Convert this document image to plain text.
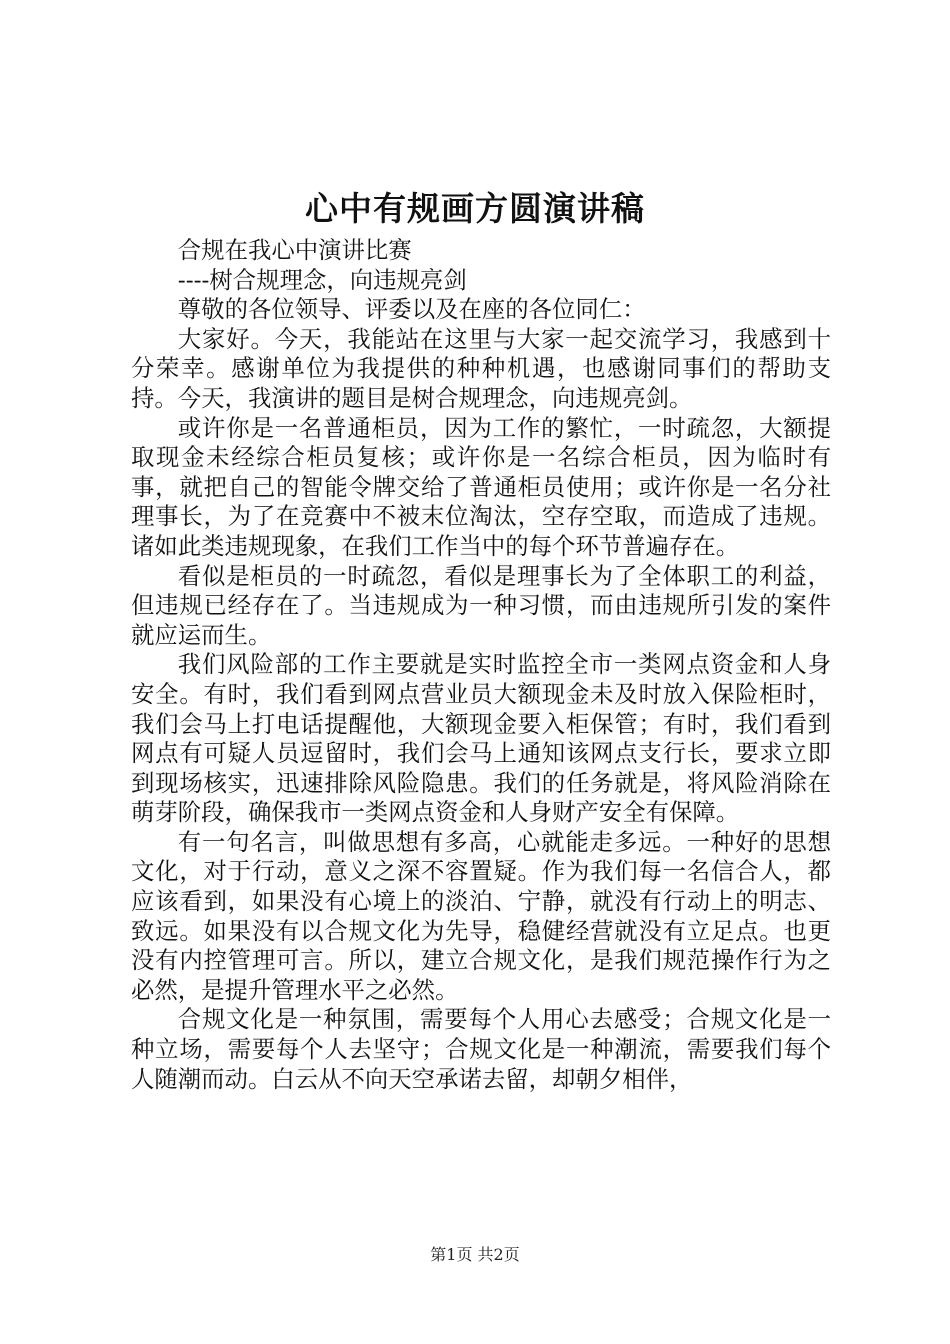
心中有规画方圆演讲稿

合规在我心中演讲比赛

----树合规理念，向违规亮剑

尊敬的各位领导、评委以及在座的各位同仁：

大家好。今天，我能站在这里与大家一起交流学习，我感到十分荣幸。感谢单位为我提供的种种机遇，也感谢同事们的帮助支持。今天，我演讲的题目是树合规理念，向违规亮剑。

或许你是一名普通柜员，因为工作的繁忙，一时疏忽，大额提取现金未经综合柜员复核；或许你是一名综合柜员，因为临时有事，就把自己的智能令牌交给了普通柜员使用；或许你是一名分社理事长，为了在竞赛中不被末位淘汰，空存空取，而造成了违规。诸如此类违规现象，在我们工作当中的每个环节普遍存在。

看似是柜员的一时疏忽，看似是理事长为了全体职工的利益，但违规已经存在了。当违规成为一种习惯，而由违规所引发的案件就应运而生。

我们风险部的工作主要就是实时监控全市一类网点资金和人身安全。有时，我们看到网点营业员大额现金未及时放入保险柜时，我们会马上打电话提醒他，大额现金要入柜保管；有时，我们看到网点有可疑人员逗留时，我们会马上通知该网点支行长，要求立即到现场核实，迅速排除风险隐患。我们的任务就是，将风险消除在萌芽阶段，确保我市一类网点资金和人身财产安全有保障。

有一句名言，叫做思想有多高，心就能走多远。一种好的思想文化，对于行动，意义之深不容置疑。作为我们每一名信合人，都应该看到，如果没有心境上的淡泊、宁静，就没有行动上的明志、致远。如果没有以合规文化为先导，稳健经营就没有立足点。也更没有内控管理可言。所以，建立合规文化，是我们规范操作行为之必然，是提升管理水平之必然。

合规文化是一种氛围，需要每个人用心去感受；合规文化是一种立场，需要每个人去坚守；合规文化是一种潮流，需要我们每个人随潮而动。白云从不向天空承诺去留，却朝夕相伴，

第1页 共2页
